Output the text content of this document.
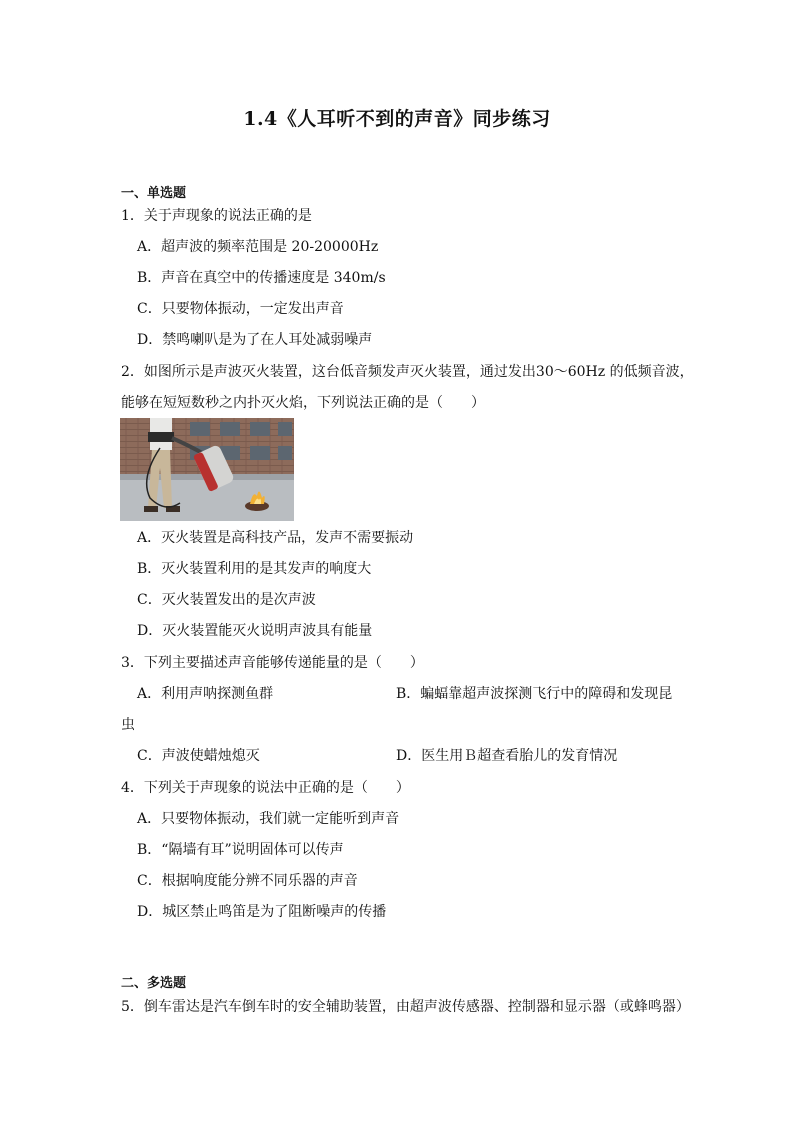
1.4《人耳听不到的声音》同步练习
一、单选题
1．关于声现象的说法正确的是
A．超声波的频率范围是 20-20000Hz
B．声音在真空中的传播速度是 340m/s
C．只要物体振动，一定发出声音
D．禁鸣喇叭是为了在人耳处减弱噪声
2．如图所示是声波灭火装置，这台低音频发声灭火装置，通过发出30～60Hz 的低频音波，
能够在短短数秒之内扑灭火焰，下列说法正确的是（　　）
A．灭火装置是高科技产品，发声不需要振动
B．灭火装置利用的是其发声的响度大
C．灭火装置发出的是次声波
D．灭火装置能灭火说明声波具有能量
3．下列主要描述声音能够传递能量的是（　　）
A．利用声呐探测鱼群	B．蝙蝠靠超声波探测飞行中的障碍和发现昆
虫
C．声波使蜡烛熄灭	D．医生用Ｂ超查看胎儿的发育情况
4．下列关于声现象的说法中正确的是（　　）
A．只要物体振动，我们就一定能听到声音
B．“隔墙有耳”说明固体可以传声
C．根据响度能分辨不同乐器的声音
D．城区禁止鸣笛是为了阻断噪声的传播
二、多选题
5．倒车雷达是汽车倒车时的安全辅助装置，由超声波传感器、控制器和显示器（或蜂鸣器）
